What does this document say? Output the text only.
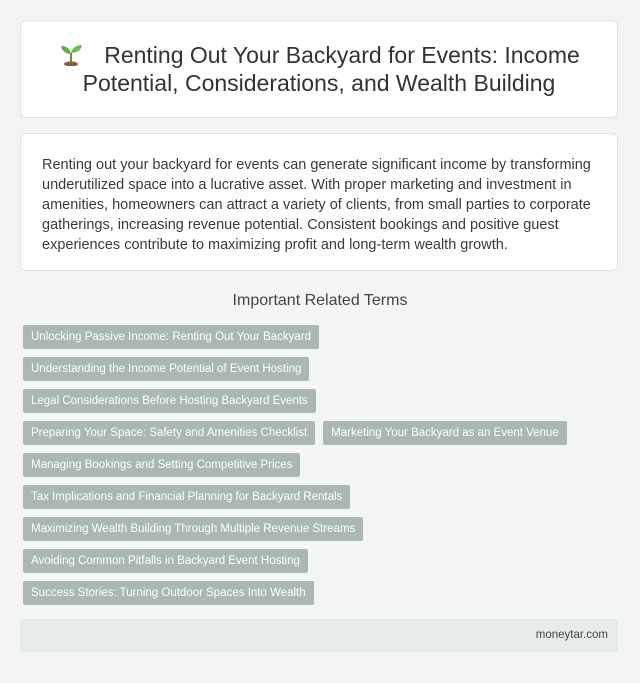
Renting Out Your Backyard for Events: Income Potential, Considerations, and Wealth Building

Renting out your backyard for events can generate significant income by transforming underutilized space into a lucrative asset. With proper marketing and investment in amenities, homeowners can attract a variety of clients, from small parties to corporate gatherings, increasing revenue potential. Consistent bookings and positive guest experiences contribute to maximizing profit and long-term wealth growth.

Important Related Terms
Unlocking Passive Income: Renting Out Your Backyard
Understanding the Income Potential of Event Hosting
Legal Considerations Before Hosting Backyard Events
Preparing Your Space: Safety and Amenities Checklist	Marketing Your Backyard as an Event Venue
Managing Bookings and Setting Competitive Prices
Tax Implications and Financial Planning for Backyard Rentals
Maximizing Wealth Building Through Multiple Revenue Streams
Avoiding Common Pitfalls in Backyard Event Hosting
Success Stories: Turning Outdoor Spaces Into Wealth
moneytar.com
